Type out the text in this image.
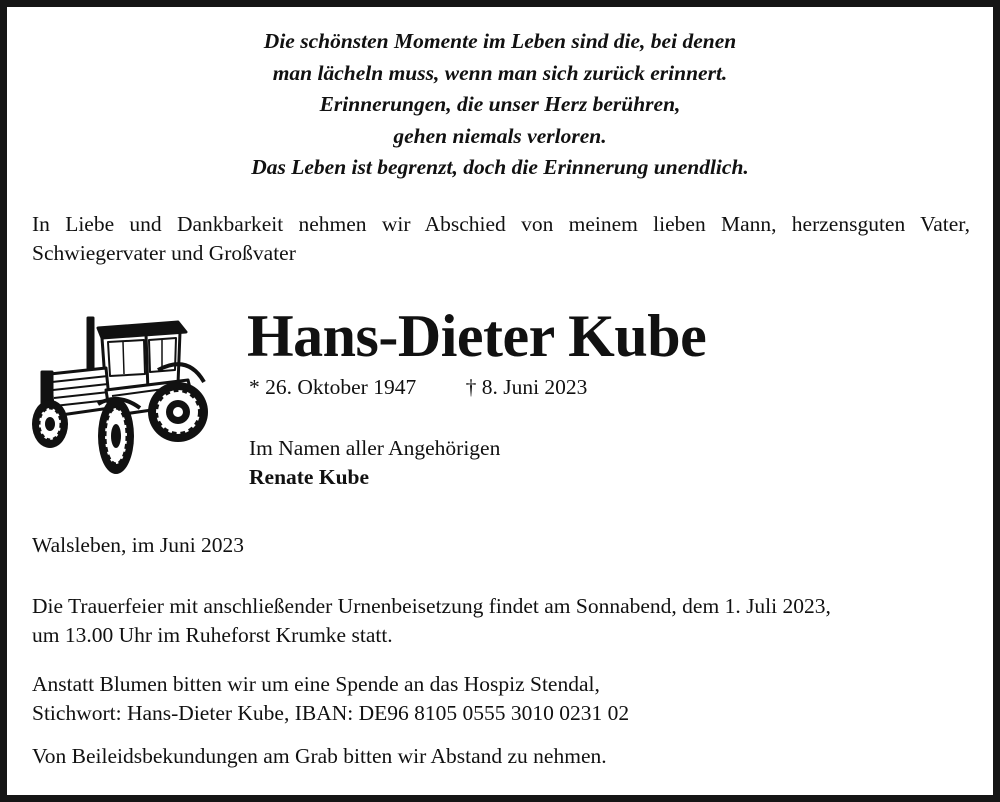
Die schönsten Momente im Leben sind die, bei denen
man lächeln muss, wenn man sich zurück erinnert.
Erinnerungen, die unser Herz berühren,
gehen niemals verloren.
Das Leben ist begrenzt, doch die Erinnerung unendlich.

In Liebe und Dankbarkeit nehmen wir Abschied von meinem lieben Mann, herzensguten Vater, Schwiegervater und Großvater

Hans-Dieter Kube
* 26. Oktober 1947 † 8. Juni 2023
Im Namen aller Angehörigen
Renate Kube
Walsleben, im Juni 2023
Die Trauerfeier mit anschließender Urnenbeisetzung findet am Sonnabend, dem 1. Juli 2023,
um 13.00 Uhr im Ruheforst Krumke statt.
Anstatt Blumen bitten wir um eine Spende an das Hospiz Stendal,
Stichwort: Hans-Dieter Kube, IBAN: DE96 8105 0555 3010 0231 02
Von Beileidsbekundungen am Grab bitten wir Abstand zu nehmen.
